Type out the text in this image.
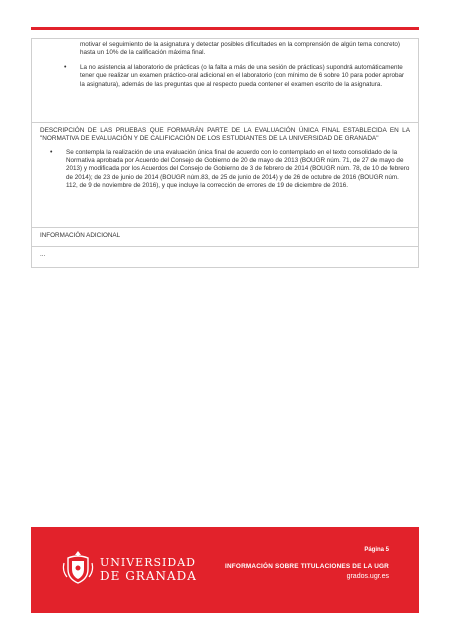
motivar el seguimiento de la asignatura y detectar posibles dificultades en la comprensión de algún tema concreto) hasta un 10% de la calificación máxima final.

• La no asistencia al laboratorio de prácticas (o la falta a más de una sesión de prácticas) supondrá automáticamente tener que realizar un examen práctico-oral adicional en el laboratorio (con mínimo de 6 sobre 10 para poder aprobar la asignatura), además de las preguntas que al respecto pueda contener el examen escrito de la asignatura.

DESCRIPCIÓN DE LAS PRUEBAS QUE FORMARÁN PARTE DE LA EVALUACIÓN ÚNICA FINAL ESTABLECIDA EN LA "NORMATIVA DE EVALUACIÓN Y DE CALIFICACIÓN DE LOS ESTUDIANTES DE LA UNIVERSIDAD DE GRANADA"

• Se contempla la realización de una evaluación única final de acuerdo con lo contemplado en el texto consolidado de la Normativa aprobada por Acuerdo del Consejo de Gobierno de 20 de mayo de 2013 (BOUGR núm. 71, de 27 de mayo de 2013) y modificada por los Acuerdos del Consejo de Gobierno de 3 de febrero de 2014 (BOUGR núm. 78, de 10 de febrero de 2014); de 23 de junio de 2014 (BOUGR núm.83, de 25 de junio de 2014) y de 26 de octubre de 2016 (BOUGR núm. 112, de 9 de noviembre de 2016), y que incluye la corrección de errores de 19 de diciembre de 2016.
INFORMACIÓN ADICIONAL
...
UNIVERSIDAD
DE GRANADA
Página 5
INFORMACIÓN SOBRE TITULACIONES DE LA UGR
grados.ugr.es
